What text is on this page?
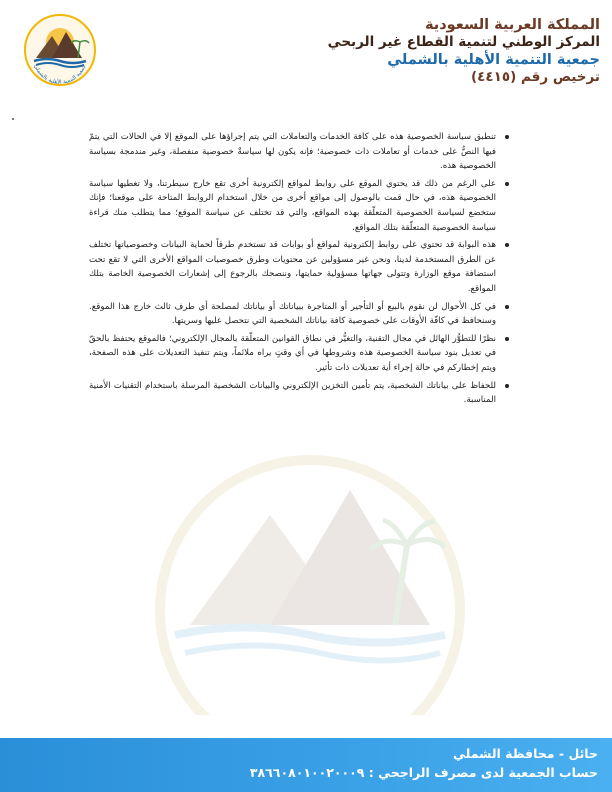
المملكة العربية السعودية
المركز الوطني لتنمية القطاع غير الربحي
جمعية التنمية الأهلية بالشملي
ترخيص رقم (٤٤١٥)
جمعية التنمية الأهلية بالشملي
تنطبق سياسة الخصوصية هذه على كافة الخدمات والتعاملات التي يتم إجراؤها على الموقع إلا في الحالات التي يتمّ فيها النصُّ على خدمات أو تعاملات ذات خصوصية؛ فإنه يكون لها سياسةٌ خصوصية منفصلة، وغير مندمجة بسياسة الخصوصية هذه.
على الرغم من ذلك قد يحتوي الموقع على روابط لمواقع إلكترونية أخرى تقع خارج سيطرتنا، ولا تغطيها سياسة الخصوصية هذه، في حال قمت بالوصول إلى مواقع أخرى من خلال استخدام الروابط المتاحة على موقعنا؛ فإنك ستخضع لسياسة الخصوصية المتعلّقة بهذه المواقع، والتي قد تختلف عن سياسة الموقع؛ مما يتطلب منك قراءة سياسة الخصوصية المتعلّقة بتلك المواقع.
هذه البوابة قد تحتوي على روابط إلكترونية لمواقع أو بوابات قد تستخدم طرقاً لحماية البيانات وخصوصياتها تختلف عن الطرق المستخدمة لدينا، ونحن غير مسؤولين عن محتويات وطرق خصوصيات المواقع الأخرى التي لا تقع تحت استضافة موقع الوزارة وتتولى جهاتها مسؤولية حمايتها، وننصحك بالرجوع إلى إشعارات الخصوصية الخاصة بتلك المواقع.
في كل الأحوال لن نقوم بالبيع أو التأجير أو المتاجرة ببياناتك أو بياناتك لمصلحة أي طرف ثالث خارج هذا الموقع. وسنحافظ في كافّة الأوقات على خصوصية كافة بياناتك الشخصية التي نتحصل عليها وسريتها.
نظرًا للتطوُّر الهائل في مجال التقنية، والتغيُّر في نطاق القوانين المتعلّقة بالمجال الإلكتروني؛ فالموقع يحتفظ بالحقّ في تعديل بنود سياسة الخصوصية هذه وشروطها في أي وقتٍ يراه ملائماً، ويتم تنفيذ التعديلات على هذه الصفحة، ويتم إخطاركم في حالة إجراء أية تعديلات ذات تأثير.
للحفاظ على بياناتك الشخصية، يتم تأمين التخزين الإلكتروني والبيانات الشخصية المرسلة باستخدام التقنيات الأمنية المناسبة.
حائل - محافظة الشملي
حساب الجمعية لدى مصرف الراجحي : ٣٨٦٦٠٨٠١٠٠٢٠٠٠٩
